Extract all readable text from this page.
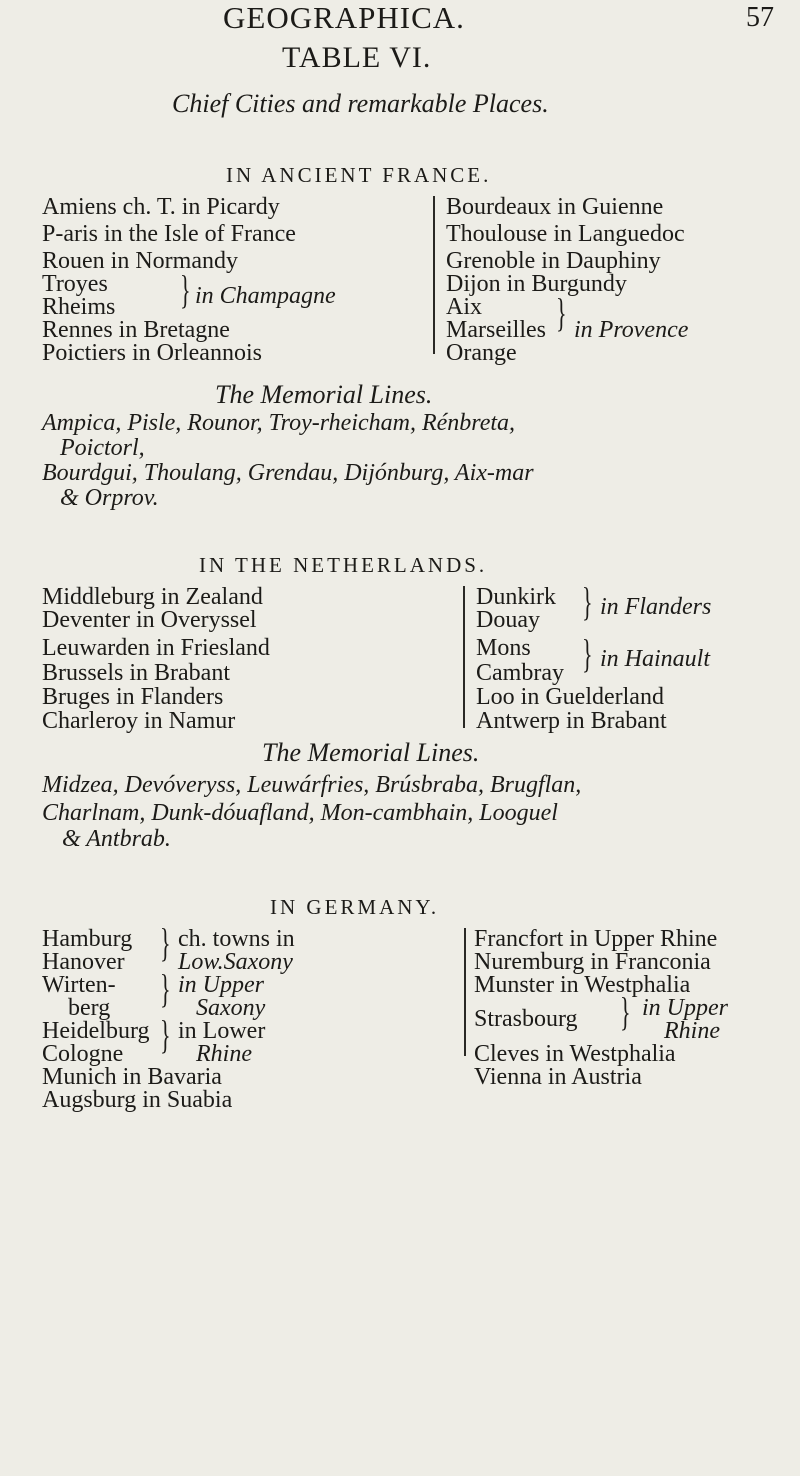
GEOGRAPHICA.	57
TABLE VI.
Chief Cities and remarkable Places.
IN ANCIENT FRANCE.
Amiens ch. T. in Picardy
P-aris in the Isle of France
Rouen in Normandy
Troyes
Rheims } in Champagne
Rennes in Bretagne
Poictiers in Orleannois
Bourdeaux in Guienne
Thoulouse in Languedoc
Grenoble in Dauphiny
Dijon in Burgundy
Aix
Marseilles } in Provence
Orange
The Memorial Lines.
Ampica, Pisle, Rounor, Troy-rheicham, Rénbreta,
Poictorl,
Bourdgui, Thoulang, Grendau, Dijónburg, Aix-mar
& Orprov.
IN THE NETHERLANDS.
Middleburg in Zealand
Deventer in Overyssel
Leuwarden in Friesland
Brussels in Brabant
Bruges in Flanders
Charleroy in Namur
Dunkirk
Douay } in Flanders
Mons
Cambray } in Hainault
Loo in Guelderland
Antwerp in Brabant
The Memorial Lines.
Midzea, Devóveryss, Leuwárfries, Brúsbraba, Brugflan,
Charlnam, Dunk-dóuafland, Mon-cambhain, Looguel
& Antbrab.
IN GERMANY.
Hamburg
Hanover } ch. towns in
Low.Saxony
Wirten-
berg } in Upper
Saxony
Heidelburg
Cologne } in Lower
Rhine
Munich in Bavaria
Augsburg in Suabia
Francfort in Upper Rhine
Nuremburg in Franconia
Munster in Westphalia
Strasbourg } in Upper
Rhine
Cleves in Westphalia
Vienna in Austria
